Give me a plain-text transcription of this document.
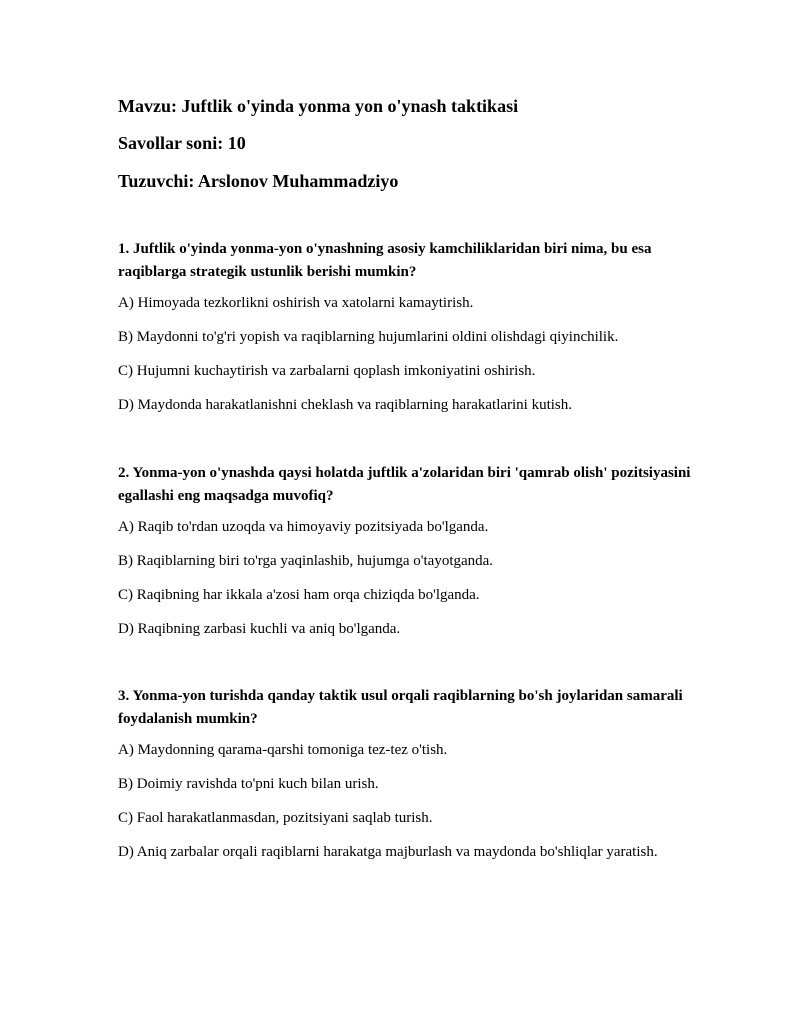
Mavzu: Juftlik o'yinda yonma yon o'ynash taktikasi

Savollar soni: 10

Tuzuvchi: Arslonov Muhammadziyo

1. Juftlik o'yinda yonma-yon o'ynashning asosiy kamchiliklaridan biri nima, bu esa raqiblarga strategik ustunlik berishi mumkin?

A) Himoyada tezkorlikni oshirish va xatolarni kamaytirish.

B) Maydonni to'g'ri yopish va raqiblarning hujumlarini oldini olishdagi qiyinchilik.

C) Hujumni kuchaytirish va zarbalarni qoplash imkoniyatini oshirish.

D) Maydonda harakatlanishni cheklash va raqiblarning harakatlarini kutish.

2. Yonma-yon o'ynashda qaysi holatda juftlik a'zolaridan biri 'qamrab olish' pozitsiyasini egallashi eng maqsadga muvofiq?

A) Raqib to'rdan uzoqda va himoyaviy pozitsiyada bo'lganda.

B) Raqiblarning biri to'rga yaqinlashib, hujumga o'tayotganda.

C) Raqibning har ikkala a'zosi ham orqa chiziqda bo'lganda.

D) Raqibning zarbasi kuchli va aniq bo'lganda.

3. Yonma-yon turishda qanday taktik usul orqali raqiblarning bo'sh joylaridan samarali foydalanish mumkin?

A) Maydonning qarama-qarshi tomoniga tez-tez o'tish.

B) Doimiy ravishda to'pni kuch bilan urish.

C) Faol harakatlanmasdan, pozitsiyani saqlab turish.

D) Aniq zarbalar orqali raqiblarni harakatga majburlash va maydonda bo'shliqlar yaratish.
